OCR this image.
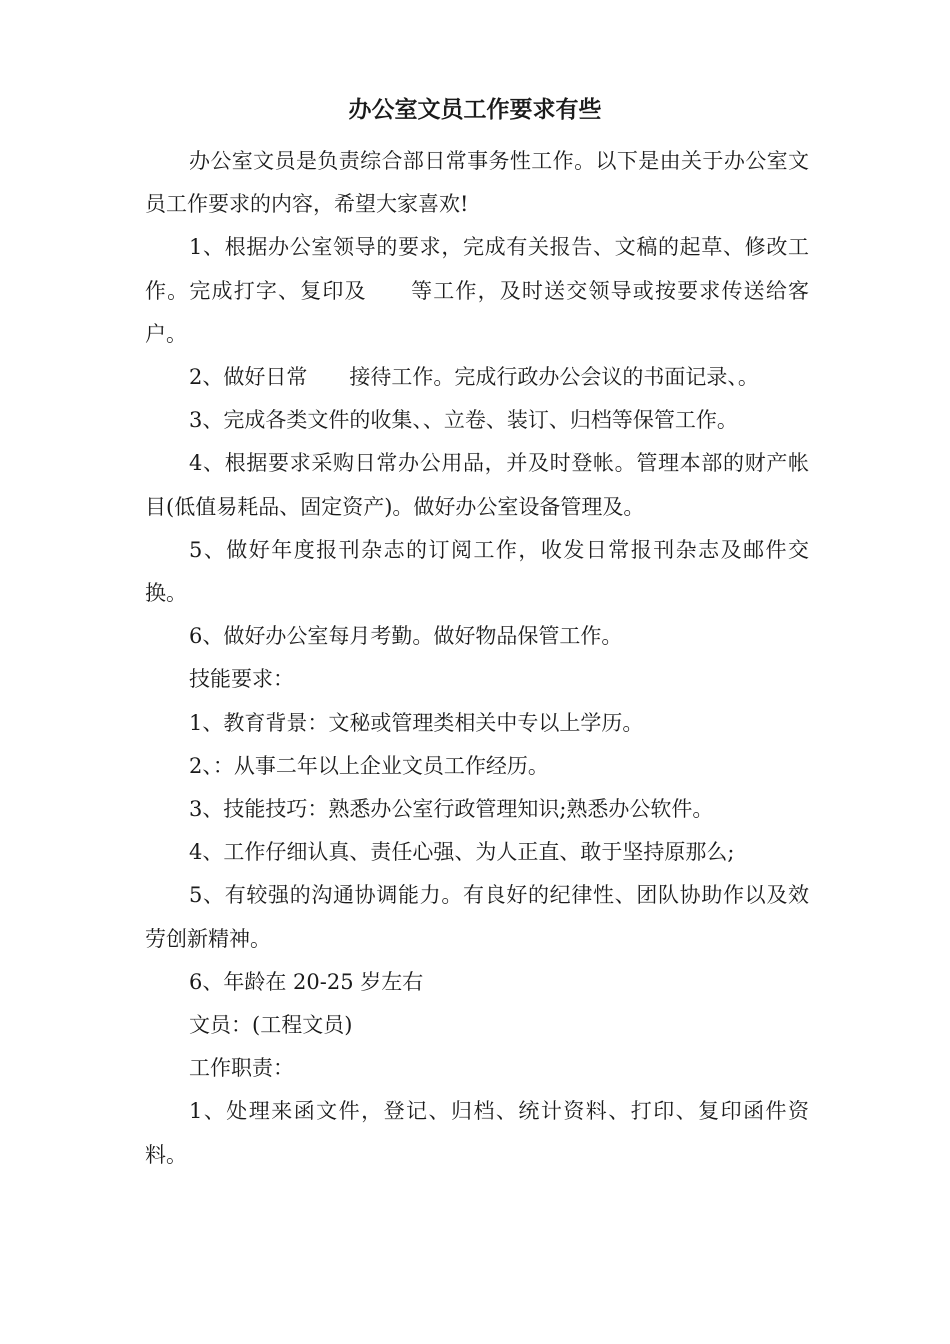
办公室文员工作要求有些

办公室文员是负责综合部日常事务性工作。以下是由关于办公室文员工作要求的内容，希望大家喜欢!

1、根据办公室领导的要求，完成有关报告、文稿的起草、修改工作。完成打字、复印及　　等工作，及时送交领导或按要求传送给客户。

2、做好日常　　接待工作。完成行政办公会议的书面记录、。

3、完成各类文件的收集、、立卷、装订、归档等保管工作。

4、根据要求采购日常办公用品，并及时登帐。管理本部的财产帐目(低值易耗品、固定资产)。做好办公室设备管理及。

5、做好年度报刊杂志的订阅工作，收发日常报刊杂志及邮件交换。

6、做好办公室每月考勤。做好物品保管工作。

技能要求：

1、教育背景：文秘或管理类相关中专以上学历。

2、：从事二年以上企业文员工作经历。

3、技能技巧：熟悉办公室行政管理知识;熟悉办公软件。

4、工作仔细认真、责任心强、为人正直、敢于坚持原那么;

5、有较强的沟通协调能力。有良好的纪律性、团队协助作以及效劳创新精神。

6、年龄在 20-25 岁左右

文员：(工程文员)

工作职责：

1、处理来函文件，登记、归档、统计资料、打印、复印函件资料。
